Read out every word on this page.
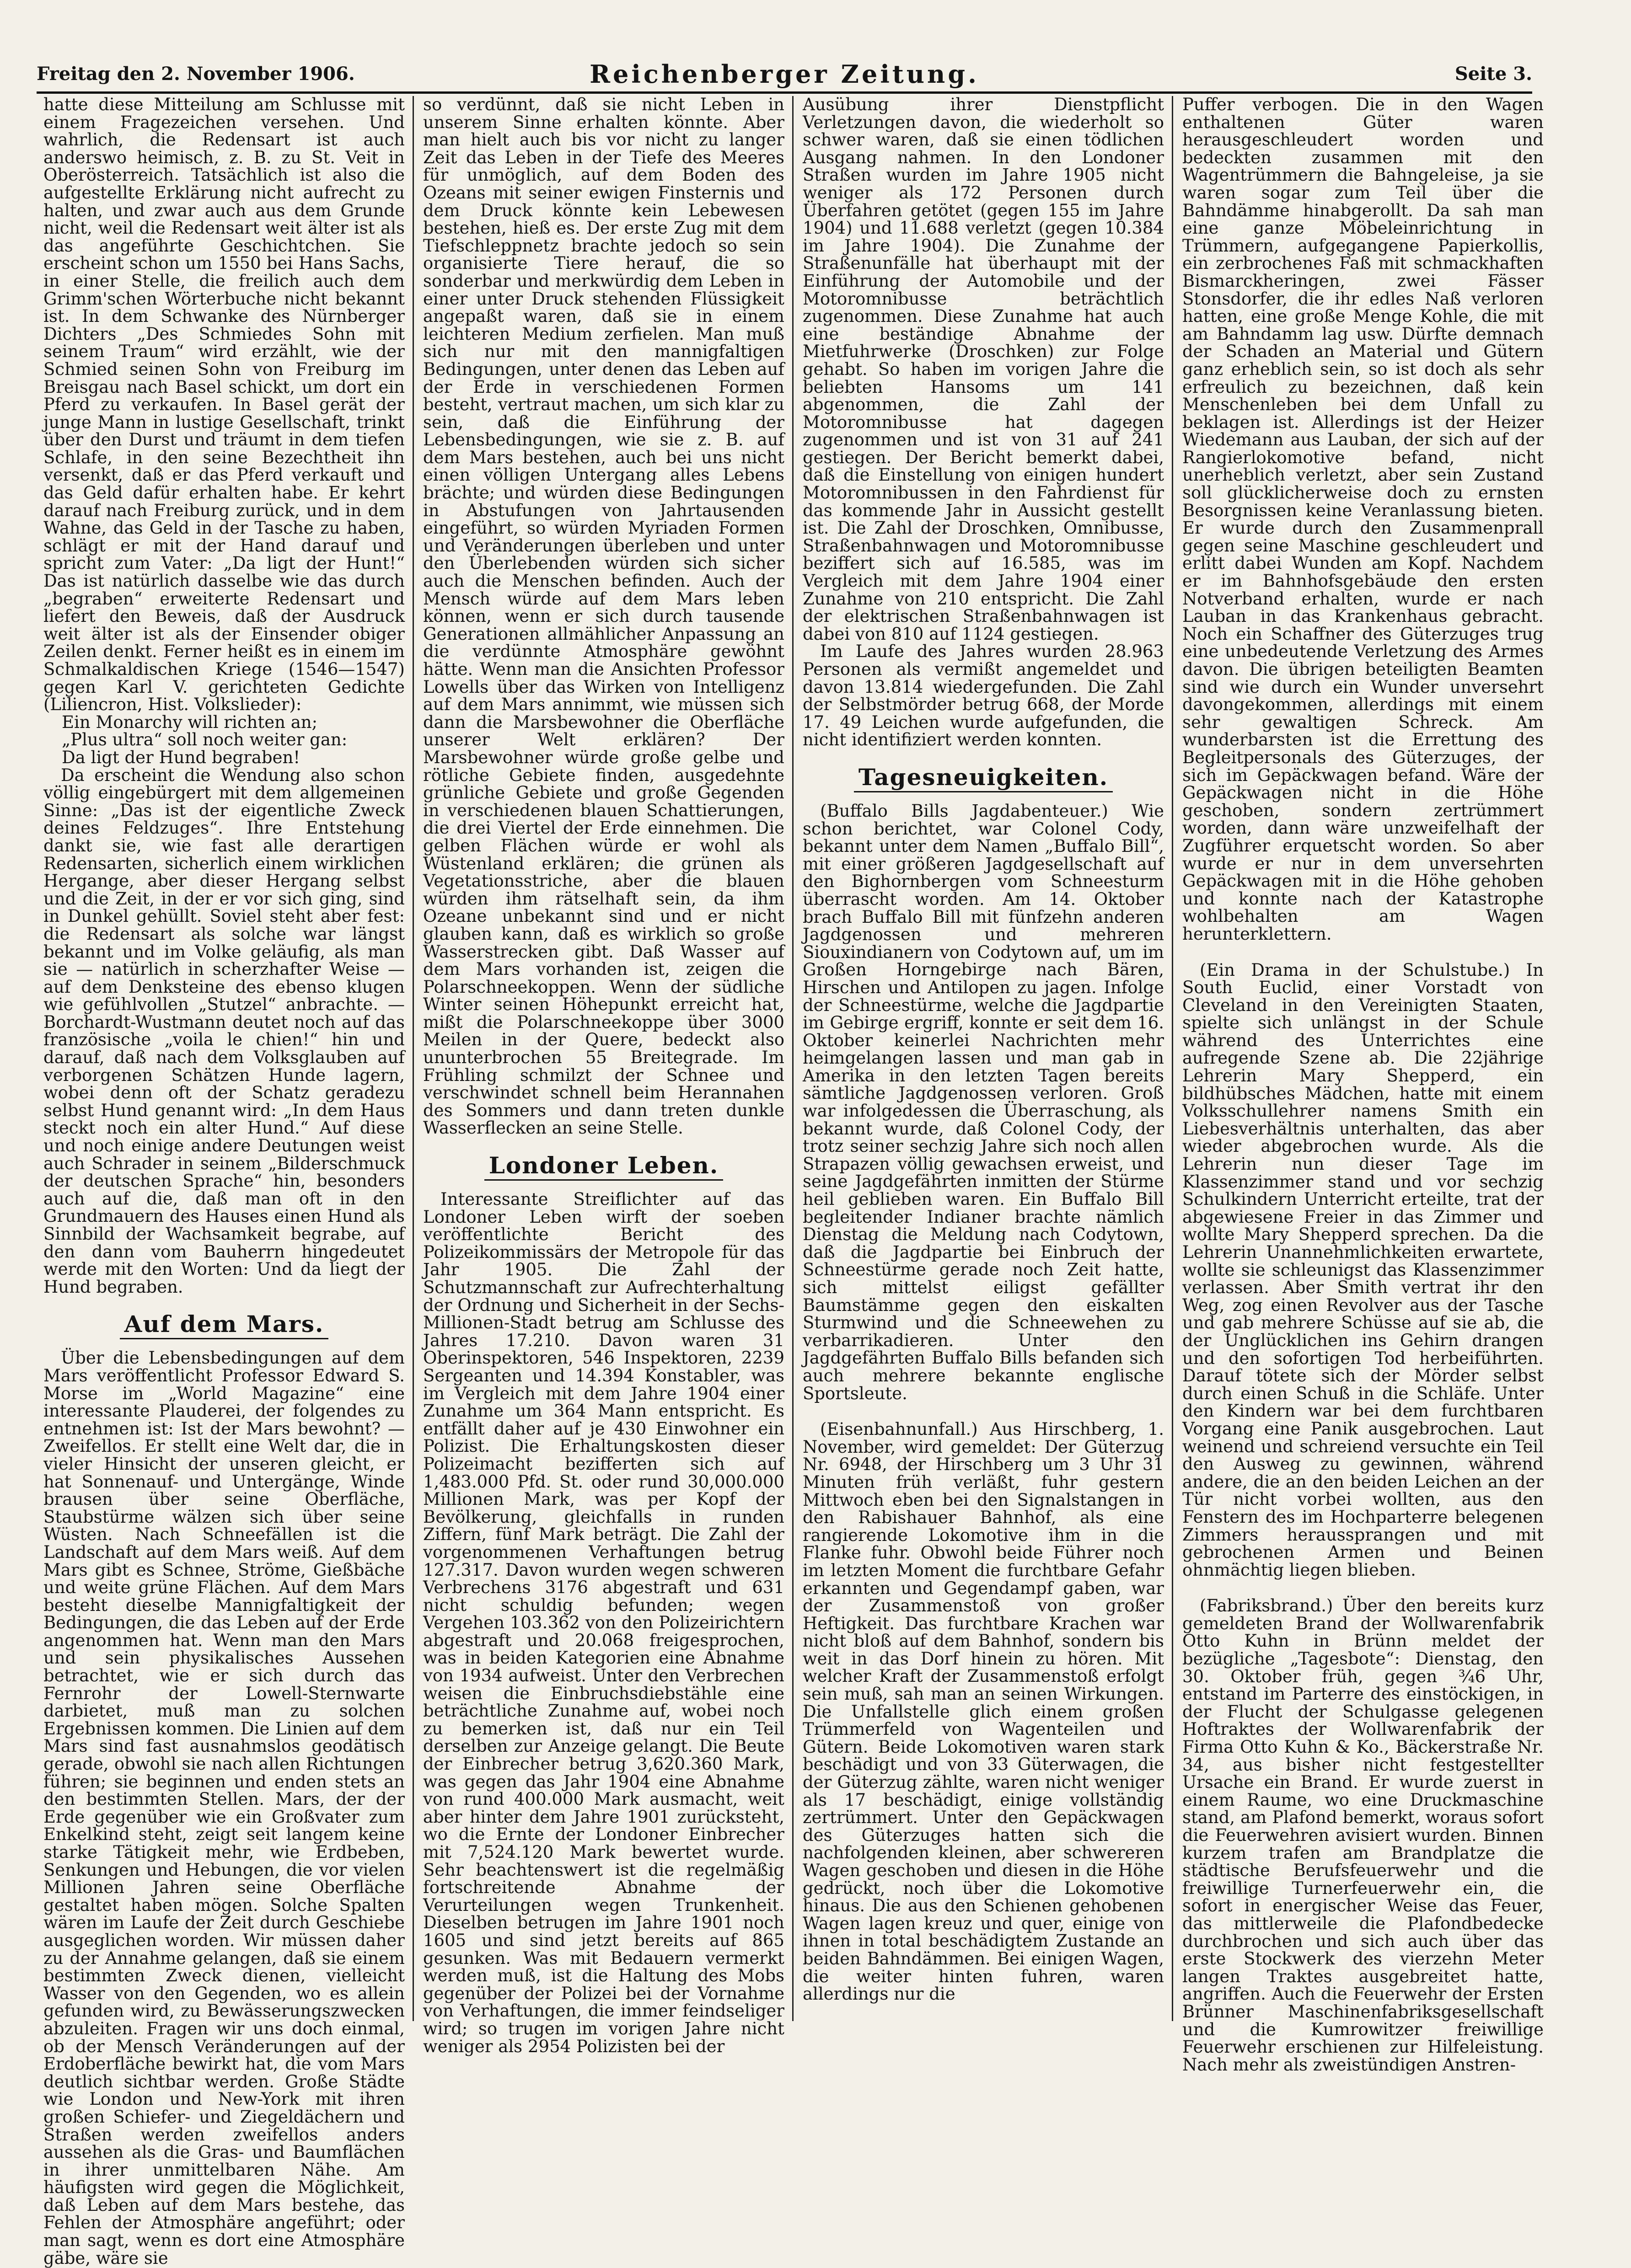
Freitag den 2. November 1906.	Reichenberger Zeitung.	Seite 3.

hatte diese Mitteilung am Schlusse mit einem Fragezeichen versehen. Und wahrlich, die Redensart ist auch anderswo heimisch, z. B. zu St. Veit in Oberösterreich. Tatsächlich ist also die aufgestellte Erklärung nicht aufrecht zu halten, und zwar auch aus dem Grunde nicht, weil die Redensart weit älter ist als das angeführte Geschichtchen. Sie erscheint schon um 1550 bei Hans Sachs, in einer Stelle, die freilich auch dem Grimm'schen Wörterbuche nicht bekannt ist. In dem Schwanke des Nürnberger Dichters „Des Schmiedes Sohn mit seinem Traum“ wird erzählt, wie der Schmied seinen Sohn von Freiburg im Breisgau nach Basel schickt, um dort ein Pferd zu verkaufen. In Basel gerät der junge Mann in lustige Gesellschaft, trinkt über den Durst und träumt in dem tiefen Schlafe, in den seine Bezechtheit ihn versenkt, daß er das Pferd verkauft und das Geld dafür erhalten habe. Er kehrt darauf nach Freiburg zurück, und in dem Wahne, das Geld in der Tasche zu haben, schlägt er mit der Hand darauf und spricht zum Vater: „Da ligt der Hunt!“ Das ist natürlich dasselbe wie das durch „begraben“ erweiterte Redensart und liefert den Beweis, daß der Ausdruck weit älter ist als der Einsender obiger Zeilen denkt. Ferner heißt es in einem im Schmalkaldischen Kriege (1546—1547) gegen Karl V. gerichteten Gedichte (Liliencron, Hist. Volkslieder):

Ein Monarchy will richten an;

„Plus ultra“ soll noch weiter gan:

Da ligt der Hund begraben!

Da erscheint die Wendung also schon völlig eingebürgert mit dem allgemeinen Sinne: „Das ist der eigentliche Zweck deines Feldzuges“. Ihre Entstehung dankt sie, wie fast alle derartigen Redensarten, sicherlich einem wirklichen Hergange, aber dieser Hergang selbst und die Zeit, in der er vor sich ging, sind in Dunkel gehüllt. Soviel steht aber fest: die Redensart als solche war längst bekannt und im Volke geläufig, als man sie — natürlich in scherzhafter Weise — auf dem Denksteine des ebenso klugen wie gefühlvollen „Stutzel“ anbrachte. — Borchardt-Wustmann deutet noch auf das französische „voila le chien!“ hin und darauf, daß nach dem Volksglauben auf verborgenen Schätzen Hunde lagern, wobei denn oft der Schatz geradezu selbst Hund genannt wird: „In dem Haus steckt noch ein alter Hund.“ Auf diese und noch einige andere Deutungen weist auch Schrader in seinem „Bilderschmuck der deutschen Sprache“ hin, besonders auch auf die, daß man oft in den Grundmauern des Hauses einen Hund als Sinnbild der Wachsamkeit begrabe, auf den dann vom Bauherrn hingedeutet werde mit den Worten: Und da liegt der Hund begraben.

Auf dem Mars.

Über die Lebensbedingungen auf dem Mars veröffentlicht Professor Edward S. Morse im „World Magazine“ eine interessante Plauderei, der folgendes zu entnehmen ist: Ist der Mars bewohnt? — Zweifellos. Er stellt eine Welt dar, die in vieler Hinsicht der unseren gleicht, er hat Sonnenauf- und Untergänge, Winde brausen über seine Oberfläche, Staubstürme wälzen sich über seine Wüsten. Nach Schneefällen ist die Landschaft auf dem Mars weiß. Auf dem Mars gibt es Schnee, Ströme, Gießbäche und weite grüne Flächen. Auf dem Mars besteht dieselbe Mannigfaltigkeit der Bedingungen, die das Leben auf der Erde angenommen hat. Wenn man den Mars und sein physikalisches Aussehen betrachtet, wie er sich durch das Fernrohr der Lowell-Sternwarte darbietet, muß man zu solchen Ergebnissen kommen. Die Linien auf dem Mars sind fast ausnahmslos geodätisch gerade, obwohl sie nach allen Richtungen führen; sie beginnen und enden stets an den bestimmten Stellen. Mars, der der Erde gegenüber wie ein Großvater zum Enkelkind steht, zeigt seit langem keine starke Tätigkeit mehr, wie Erdbeben, Senkungen und Hebungen, die vor vielen Millionen Jahren seine Oberfläche gestaltet haben mögen. Solche Spalten wären im Laufe der Zeit durch Geschiebe ausgeglichen worden. Wir müssen daher zu der Annahme gelangen, daß sie einem bestimmten Zweck dienen, vielleicht Wasser von den Gegenden, wo es allein gefunden wird, zu Bewässerungszwecken abzuleiten. Fragen wir uns doch einmal, ob der Mensch Veränderungen auf der Erdoberfläche bewirkt hat, die vom Mars deutlich sichtbar werden. Große Städte wie London und New-York mit ihren großen Schiefer- und Ziegeldächern und Straßen werden zweifellos anders aussehen als die Gras- und Baumflächen in ihrer unmittelbaren Nähe. Am häufigsten wird gegen die Möglichkeit, daß Leben auf dem Mars bestehe, das Fehlen der Atmosphäre angeführt; oder man sagt, wenn es dort eine Atmosphäre gäbe, wäre sie

so verdünnt, daß sie nicht Leben in unserem Sinne erhalten könnte. Aber man hielt auch bis vor nicht zu langer Zeit das Leben in der Tiefe des Meeres für unmöglich, auf dem Boden des Ozeans mit seiner ewigen Finsternis und dem Druck könnte kein Lebewesen bestehen, hieß es. Der erste Zug mit dem Tiefschleppnetz brachte jedoch so sein organisierte Tiere herauf, die so sonderbar und merkwürdig dem Leben in einer unter Druck stehenden Flüssigkeit angepaßt waren, daß sie in einem leichteren Medium zerfielen. Man muß sich nur mit den mannigfaltigen Bedingungen, unter denen das Leben auf der Erde in verschiedenen Formen besteht, vertraut machen, um sich klar zu sein, daß die Einführung der Lebensbedingungen, wie sie z. B. auf dem Mars bestehen, auch bei uns nicht einen völligen Untergang alles Lebens brächte; und würden diese Bedingungen in Abstufungen von Jahrtausenden eingeführt, so würden Myriaden Formen und Veränderungen überleben und unter den Überlebenden würden sich sicher auch die Menschen befinden. Auch der Mensch würde auf dem Mars leben können, wenn er sich durch tausende Generationen allmählicher Anpassung an die verdünnte Atmosphäre gewöhnt hätte. Wenn man die Ansichten Professor Lowells über das Wirken von Intelligenz auf dem Mars annimmt, wie müssen sich dann die Marsbewohner die Oberfläche unserer Welt erklären? Der Marsbewohner würde große gelbe und rötliche Gebiete finden, ausgedehnte grünliche Gebiete und große Gegenden in verschiedenen blauen Schattierungen, die drei Viertel der Erde einnehmen. Die gelben Flächen würde er wohl als Wüstenland erklären; die grünen als Vegetationsstriche, aber die blauen würden ihm rätselhaft sein, da ihm Ozeane unbekannt sind und er nicht glauben kann, daß es wirklich so große Wasserstrecken gibt. Daß Wasser auf dem Mars vorhanden ist, zeigen die Polarschneekoppen. Wenn der südliche Winter seinen Höhepunkt erreicht hat, mißt die Polarschneekoppe über 3000 Meilen in der Quere, bedeckt also ununterbrochen 55 Breitegrade. Im Frühling schmilzt der Schnee und verschwindet schnell beim Herannahen des Sommers und dann treten dunkle Wasserflecken an seine Stelle.

Londoner Leben.

Interessante Streiflichter auf das Londoner Leben wirft der soeben veröffentlichte Bericht des Polizeikommissärs der Metropole für das Jahr 1905. Die Zahl der Schutzmannschaft zur Aufrechterhaltung der Ordnung und Sicherheit in der Sechs-Millionen-Stadt betrug am Schlusse des Jahres 17.210. Davon waren 31 Oberinspektoren, 546 Inspektoren, 2239 Sergeanten und 14.394 Konstabler, was im Vergleich mit dem Jahre 1904 einer Zunahme um 364 Mann entspricht. Es entfällt daher auf je 430 Einwohner ein Polizist. Die Erhaltungskosten dieser Polizeimacht bezifferten sich auf 1,483.000 Pfd. St. oder rund 30,000.000 Millionen Mark, was per Kopf der Bevölkerung, gleichfalls in runden Ziffern, fünf Mark beträgt. Die Zahl der vorgenommenen Verhaftungen betrug 127.317. Davon wurden wegen schweren Verbrechens 3176 abgestraft und 631 nicht schuldig befunden; wegen Vergehen 103.362 von den Polizeirichtern abgestraft und 20.068 freigesprochen, was in beiden Kategorien eine Abnahme von 1934 aufweist. Unter den Verbrechen weisen die Einbruchsdiebstähle eine beträchtliche Zunahme auf, wobei noch zu bemerken ist, daß nur ein Teil derselben zur Anzeige gelangt. Die Beute der Einbrecher betrug 3,620.360 Mark, was gegen das Jahr 1904 eine Abnahme von rund 400.000 Mark ausmacht, weit aber hinter dem Jahre 1901 zurücksteht, wo die Ernte der Londoner Einbrecher mit 7,524.120 Mark bewertet wurde. Sehr beachtenswert ist die regelmäßig fortschreitende Abnahme der Verurteilungen wegen Trunkenheit. Dieselben betrugen im Jahre 1901 noch 1605 und sind jetzt bereits auf 865 gesunken. Was mit Bedauern vermerkt werden muß, ist die Haltung des Mobs gegenüber der Polizei bei der Vornahme von Verhaftungen, die immer feindseliger wird; so trugen im vorigen Jahre nicht weniger als 2954 Polizisten bei der

Ausübung ihrer Dienstpflicht Verletzungen davon, die wiederholt so schwer waren, daß sie einen tödlichen Ausgang nahmen. In den Londoner Straßen wurden im Jahre 1905 nicht weniger als 172 Personen durch Überfahren getötet (gegen 155 im Jahre 1904) und 11.688 verletzt (gegen 10.384 im Jahre 1904). Die Zunahme der Straßenunfälle hat überhaupt mit der Einführung der Automobile und der Motoromnibusse beträchtlich zugenommen. Diese Zunahme hat auch eine beständige Abnahme der Mietfuhrwerke (Droschken) zur Folge gehabt. So haben im vorigen Jahre die beliebten Hansoms um 141 abgenommen, die Zahl der Motoromnibusse hat dagegen zugenommen und ist von 31 auf 241 gestiegen. Der Bericht bemerkt dabei, daß die Einstellung von einigen hundert Motoromnibussen in den Fahrdienst für das kommende Jahr in Aussicht gestellt ist. Die Zahl der Droschken, Omnibusse, Straßenbahnwagen und Motoromnibusse beziffert sich auf 16.585, was im Vergleich mit dem Jahre 1904 einer Zunahme von 210 entspricht. Die Zahl der elektrischen Straßenbahnwagen ist dabei von 810 auf 1124 gestiegen.

Im Laufe des Jahres wurden 28.963 Personen als vermißt angemeldet und davon 13.814 wiedergefunden. Die Zahl der Selbstmörder betrug 668, der Morde 17. 49 Leichen wurde aufgefunden, die nicht identifiziert werden konnten.

Tagesneuigkeiten.

(Buffalo Bills Jagdabenteuer.) Wie schon berichtet, war Colonel Cody, bekannt unter dem Namen „Buffalo Bill“, mit einer größeren Jagdgesellschaft auf den Bighornbergen vom Schneesturm überrascht worden. Am 14. Oktober brach Buffalo Bill mit fünfzehn anderen Jagdgenossen und mehreren Siouxindianern von Codytown auf, um im Großen Horngebirge nach Bären, Hirschen und Antilopen zu jagen. Infolge der Schneestürme, welche die Jagdpartie im Gebirge ergriff, konnte er seit dem 16. Oktober keinerlei Nachrichten mehr heimgelangen lassen und man gab in Amerika in den letzten Tagen bereits sämtliche Jagdgenossen verloren. Groß war infolgedessen die Überraschung, als bekannt wurde, daß Colonel Cody, der trotz seiner sechzig Jahre sich noch allen Strapazen völlig gewachsen erweist, und seine Jagdgefährten inmitten der Stürme heil geblieben waren. Ein Buffalo Bill begleitender Indianer brachte nämlich Dienstag die Meldung nach Codytown, daß die Jagdpartie bei Einbruch der Schneestürme gerade noch Zeit hatte, sich mittelst eiligst gefällter Baumstämme gegen den eiskalten Sturmwind und die Schneewehen zu verbarrikadieren. Unter den Jagdgefährten Buffalo Bills befanden sich auch mehrere bekannte englische Sportsleute.

(Eisenbahnunfall.) Aus Hirschberg, 1. November, wird gemeldet: Der Güterzug Nr. 6948, der Hirschberg um 3 Uhr 31 Minuten früh verläßt, fuhr gestern Mittwoch eben bei den Signalstangen in den Rabishauer Bahnhof, als eine rangierende Lokomotive ihm in die Flanke fuhr. Obwohl beide Führer noch im letzten Moment die furchtbare Gefahr erkannten und Gegendampf gaben, war der Zusammenstoß von großer Heftigkeit. Das furchtbare Krachen war nicht bloß auf dem Bahnhof, sondern bis weit in das Dorf hinein zu hören. Mit welcher Kraft der Zusammenstoß erfolgt sein muß, sah man an seinen Wirkungen. Die Unfallstelle glich einem großen Trümmerfeld von Wagenteilen und Gütern. Beide Lokomotiven waren stark beschädigt und von 33 Güterwagen, die der Güterzug zählte, waren nicht weniger als 17 beschädigt, einige vollständig zertrümmert. Unter den Gepäckwagen des Güterzuges hatten sich die nachfolgenden kleinen, aber schwereren Wagen geschoben und diesen in die Höhe gedrückt, noch über die Lokomotive hinaus. Die aus den Schienen gehobenen Wagen lagen kreuz und quer, einige von ihnen in total beschädigtem Zustande an beiden Bahndämmen. Bei einigen Wagen, die weiter hinten fuhren, waren allerdings nur die

Puffer verbogen. Die in den Wagen enthaltenen Güter waren herausgeschleudert worden und bedeckten zusammen mit den Wagentrümmern die Bahngeleise, ja sie waren sogar zum Teil über die Bahndämme hinabgerollt. Da sah man eine ganze Möbeleinrichtung in Trümmern, aufgegangene Papierkollis, ein zerbrochenes Faß mit schmackhaften Bismarckheringen, zwei Fässer Stonsdorfer, die ihr edles Naß verloren hatten, eine große Menge Kohle, die mit am Bahndamm lag usw. Dürfte demnach der Schaden an Material und Gütern ganz erheblich sein, so ist doch als sehr erfreulich zu bezeichnen, daß kein Menschenleben bei dem Unfall zu beklagen ist. Allerdings ist der Heizer Wiedemann aus Lauban, der sich auf der Rangierlokomotive befand, nicht unerheblich verletzt, aber sein Zustand soll glücklicherweise doch zu ernsten Besorgnissen keine Veranlassung bieten. Er wurde durch den Zusammenprall gegen seine Maschine geschleudert und erlitt dabei Wunden am Kopf. Nachdem er im Bahnhofsgebäude den ersten Notverband erhalten, wurde er nach Lauban in das Krankenhaus gebracht. Noch ein Schaffner des Güterzuges trug eine unbedeutende Verletzung des Armes davon. Die übrigen beteiligten Beamten sind wie durch ein Wunder unversehrt davongekommen, allerdings mit einem sehr gewaltigen Schreck. Am wunderbarsten ist die Errettung des Begleitpersonals des Güterzuges, der sich im Gepäckwagen befand. Wäre der Gepäckwagen nicht in die Höhe geschoben, sondern zertrümmert worden, dann wäre unzweifelhaft der Zugführer erquetscht worden. So aber wurde er nur in dem unversehrten Gepäckwagen mit in die Höhe gehoben und konnte nach der Katastrophe wohlbehalten am Wagen herunterklettern.

(Ein Drama in der Schulstube.) In South Euclid, einer Vorstadt von Cleveland in den Vereinigten Staaten, spielte sich unlängst in der Schule während des Unterrichtes eine aufregende Szene ab. Die 22jährige Lehrerin Mary Shepperd, ein bildhübsches Mädchen, hatte mit einem Volksschullehrer namens Smith ein Liebesverhältnis unterhalten, das aber wieder abgebrochen wurde. Als die Lehrerin nun dieser Tage im Klassenzimmer stand und vor sechzig Schulkindern Unterricht erteilte, trat der abgewiesene Freier in das Zimmer und wollte Mary Shepperd sprechen. Da die Lehrerin Unannehmlichkeiten erwartete, wollte sie schleunigst das Klassenzimmer verlassen. Aber Smith vertrat ihr den Weg, zog einen Revolver aus der Tasche und gab mehrere Schüsse auf sie ab, die der Unglücklichen ins Gehirn drangen und den sofortigen Tod herbeiführten. Darauf tötete sich der Mörder selbst durch einen Schuß in die Schläfe. Unter den Kindern war bei dem furchtbaren Vorgang eine Panik ausgebrochen. Laut weinend und schreiend versuchte ein Teil den Ausweg zu gewinnen, während andere, die an den beiden Leichen an der Tür nicht vorbei wollten, aus den Fenstern des im Hochparterre belegenen Zimmers heraussprangen und mit gebrochenen Armen und Beinen ohnmächtig liegen blieben.

(Fabriksbrand.) Über den bereits kurz gemeldeten Brand der Wollwarenfabrik Otto Kuhn in Brünn meldet der bezügliche „Tagesbote“: Dienstag, den 30. Oktober früh, gegen ¾6 Uhr, entstand im Parterre des einstöckigen, in der Flucht der Schulgasse gelegenen Hoftraktes der Wollwarenfabrik der Firma Otto Kuhn & Ko., Bäckerstraße Nr. 34, aus bisher nicht festgestellter Ursache ein Brand. Er wurde zuerst in einem Raume, wo eine Druckmaschine stand, am Plafond bemerkt, woraus sofort die Feuerwehren avisiert wurden. Binnen kurzem trafen am Brandplatze die städtische Berufsfeuerwehr und die freiwillige Turnerfeuerwehr ein, die sofort in energischer Weise das Feuer, das mittlerweile die Plafondbedecke durchbrochen und sich auch über das erste Stockwerk des vierzehn Meter langen Traktes ausgebreitet hatte, angriffen. Auch die Feuerwehr der Ersten Brünner Maschinenfabriksgesellschaft und die Kumrowitzer freiwillige Feuerwehr erschienen zur Hilfeleistung. Nach mehr als zweistündigen Anstren-
